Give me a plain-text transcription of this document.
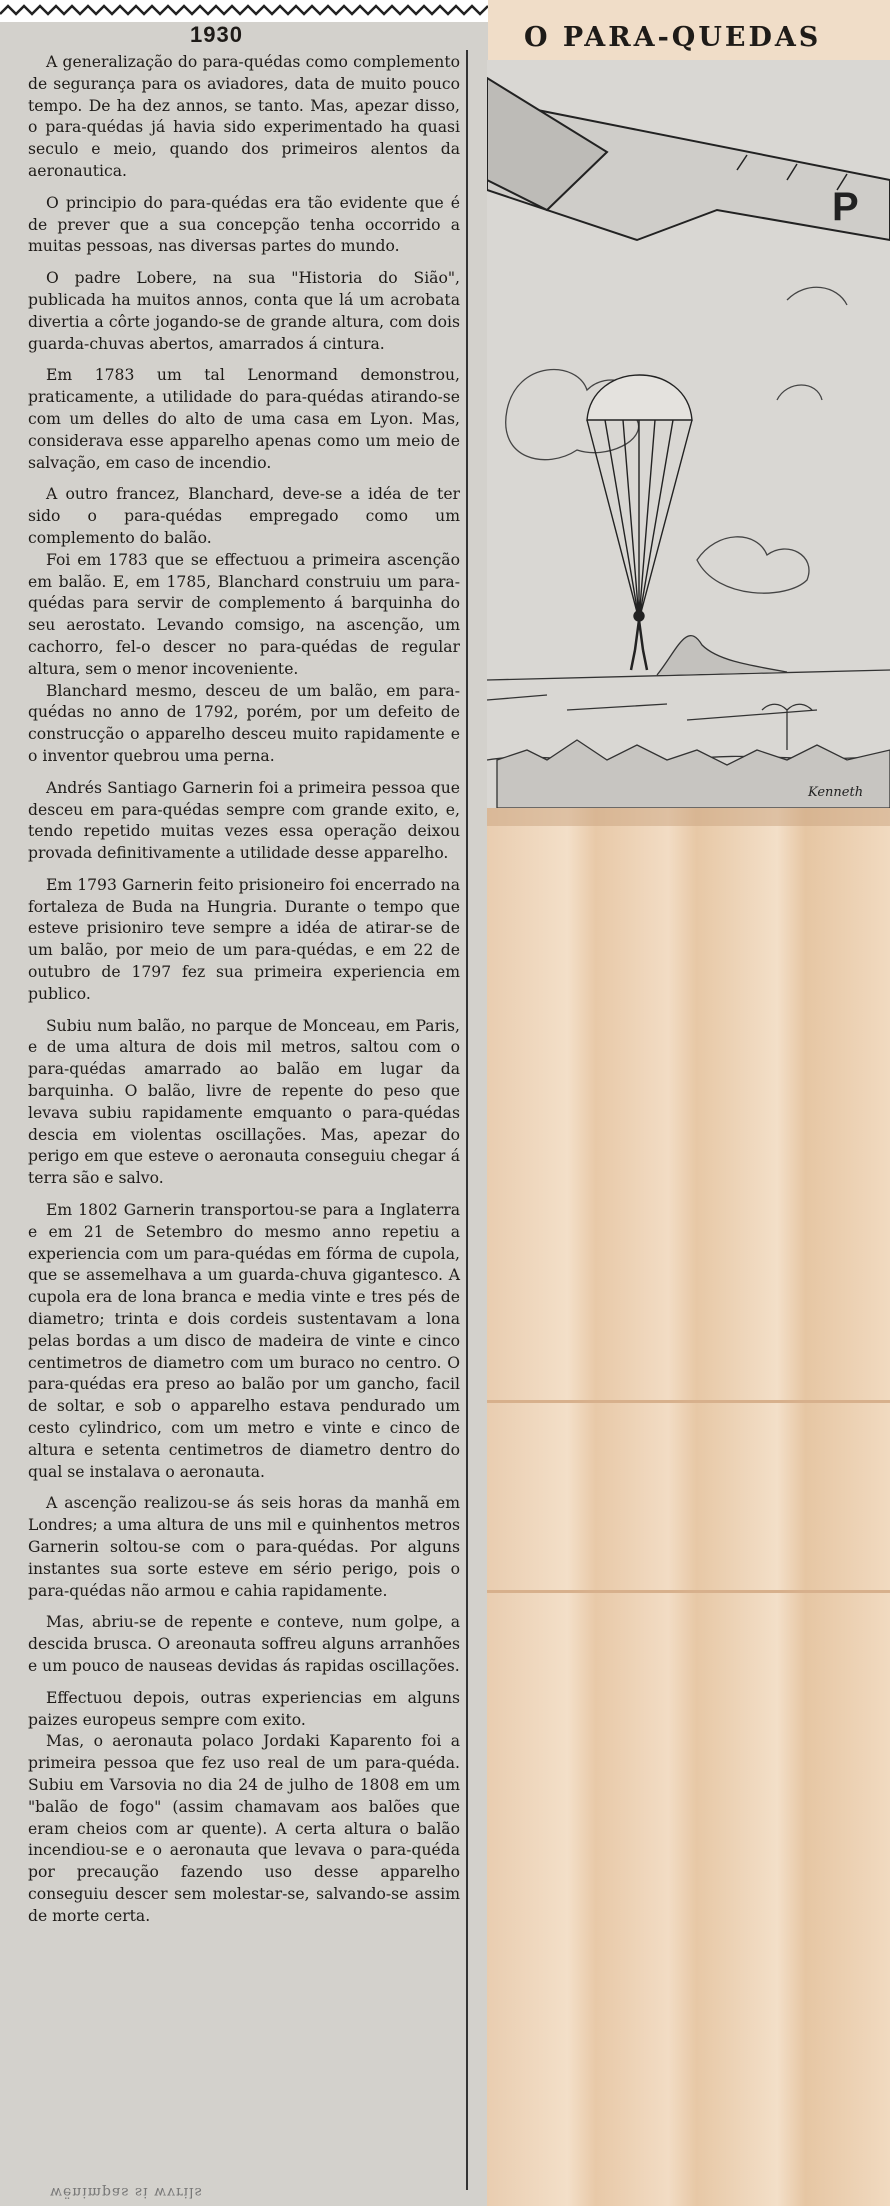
1930	O PARA-QUEDAS

A generalização do para-quédas como complemento de segurança para os aviadores, data de muito pouco tempo. De ha dez annos, se tanto. Mas, apezar disso, o para-quédas já havia sido experimentado ha quasi seculo e meio, quando dos primeiros alentos da aeronautica.

O principio do para-quédas era tão evidente que é de prever que a sua concepção tenha occorrido a muitas pessoas, nas diversas partes do mundo.

O padre Lobere, na sua "Historia do Sião", publicada ha muitos annos, conta que lá um acrobata divertia a côrte jogando-se de grande altura, com dois guarda-chuvas abertos, amarrados á cintura.

Em 1783 um tal Lenormand demonstrou, praticamente, a utilidade do para-quédas atirando-se com um delles do alto de uma casa em Lyon. Mas, considerava esse apparelho apenas como um meio de salvação, em caso de incendio.

A outro francez, Blanchard, deve-se a idéa de ter sido o para-quédas empregado como um complemento do balão.

Foi em 1783 que se effectuou a primeira ascenção em balão. E, em 1785, Blanchard construiu um para-quédas para servir de complemento á barquinha do seu aerostato. Levando comsigo, na ascenção, um cachorro, fel-o descer no para-quédas de regular altura, sem o menor incoveniente.

Blanchard mesmo, desceu de um balão, em para-quédas no anno de 1792, porém, por um defeito de construcção o apparelho desceu muito rapidamente e o inventor quebrou uma perna.

Andrés Santiago Garnerin foi a primeira pessoa que desceu em para-quédas sempre com grande exito, e, tendo repetido muitas vezes essa operação deixou provada definitivamente a utilidade desse apparelho.

Em 1793 Garnerin feito prisioneiro foi encerrado na fortaleza de Buda na Hungria. Durante o tempo que esteve prisioniro teve sempre a idéa de atirar-se de um balão, por meio de um para-quédas, e em 22 de outubro de 1797 fez sua primeira experiencia em publico.

Subiu num balão, no parque de Monceau, em Paris, e de uma altura de dois mil metros, saltou com o para-quédas amarrado ao balão em lugar da barquinha. O balão, livre de repente do peso que levava subiu rapidamente emquanto o para-quédas descia em violentas oscillações. Mas, apezar do perigo em que esteve o aeronauta conseguiu chegar á terra são e salvo.

Em 1802 Garnerin transportou-se para a Inglaterra e em 21 de Setembro do mesmo anno repetiu a experiencia com um para-quédas em fórma de cupola, que se assemelhava a um guarda-chuva gigantesco. A cupola era de lona branca e media vinte e tres pés de diametro; trinta e dois cordeis sustentavam a lona pelas bordas a um disco de madeira de vinte e cinco centimetros de diametro com um buraco no centro. O para-quédas era preso ao balão por um gancho, facil de soltar, e sob o apparelho estava pendurado um cesto cylindrico, com um metro e vinte e cinco de altura e setenta centimetros de diametro dentro do qual se instalava o aeronauta.

A ascenção realizou-se ás seis horas da manhã em Londres; a uma altura de uns mil e quinhentos metros Garnerin soltou-se com o para-quédas. Por alguns instantes sua sorte esteve em sério perigo, pois o para-quédas não armou e cahia rapidamente.

Mas, abriu-se de repente e conteve, num golpe, a descida brusca. O areonauta soffreu alguns arranhões e um pouco de nauseas devidas ás rapidas oscillações.

Effectuou depois, outras experiencias em alguns paizes europeus sempre com exito.

Mas, o aeronauta polaco Jordaki Kaparento foi a primeira pessoa que fez uso real de um para-quéda. Subiu em Varsovia no dia 24 de julho de 1808 em um "balão de fogo" (assim chamavam aos balões que eram cheios com ar quente). A certa altura o balão incendiou-se e o aeronauta que levava o para-quéda por precaução fazendo uso desse apparelho conseguiu descer sem molestar-se, salvando-se assim de morte certa.

P
Kenneth
wënimpas si wvrils
